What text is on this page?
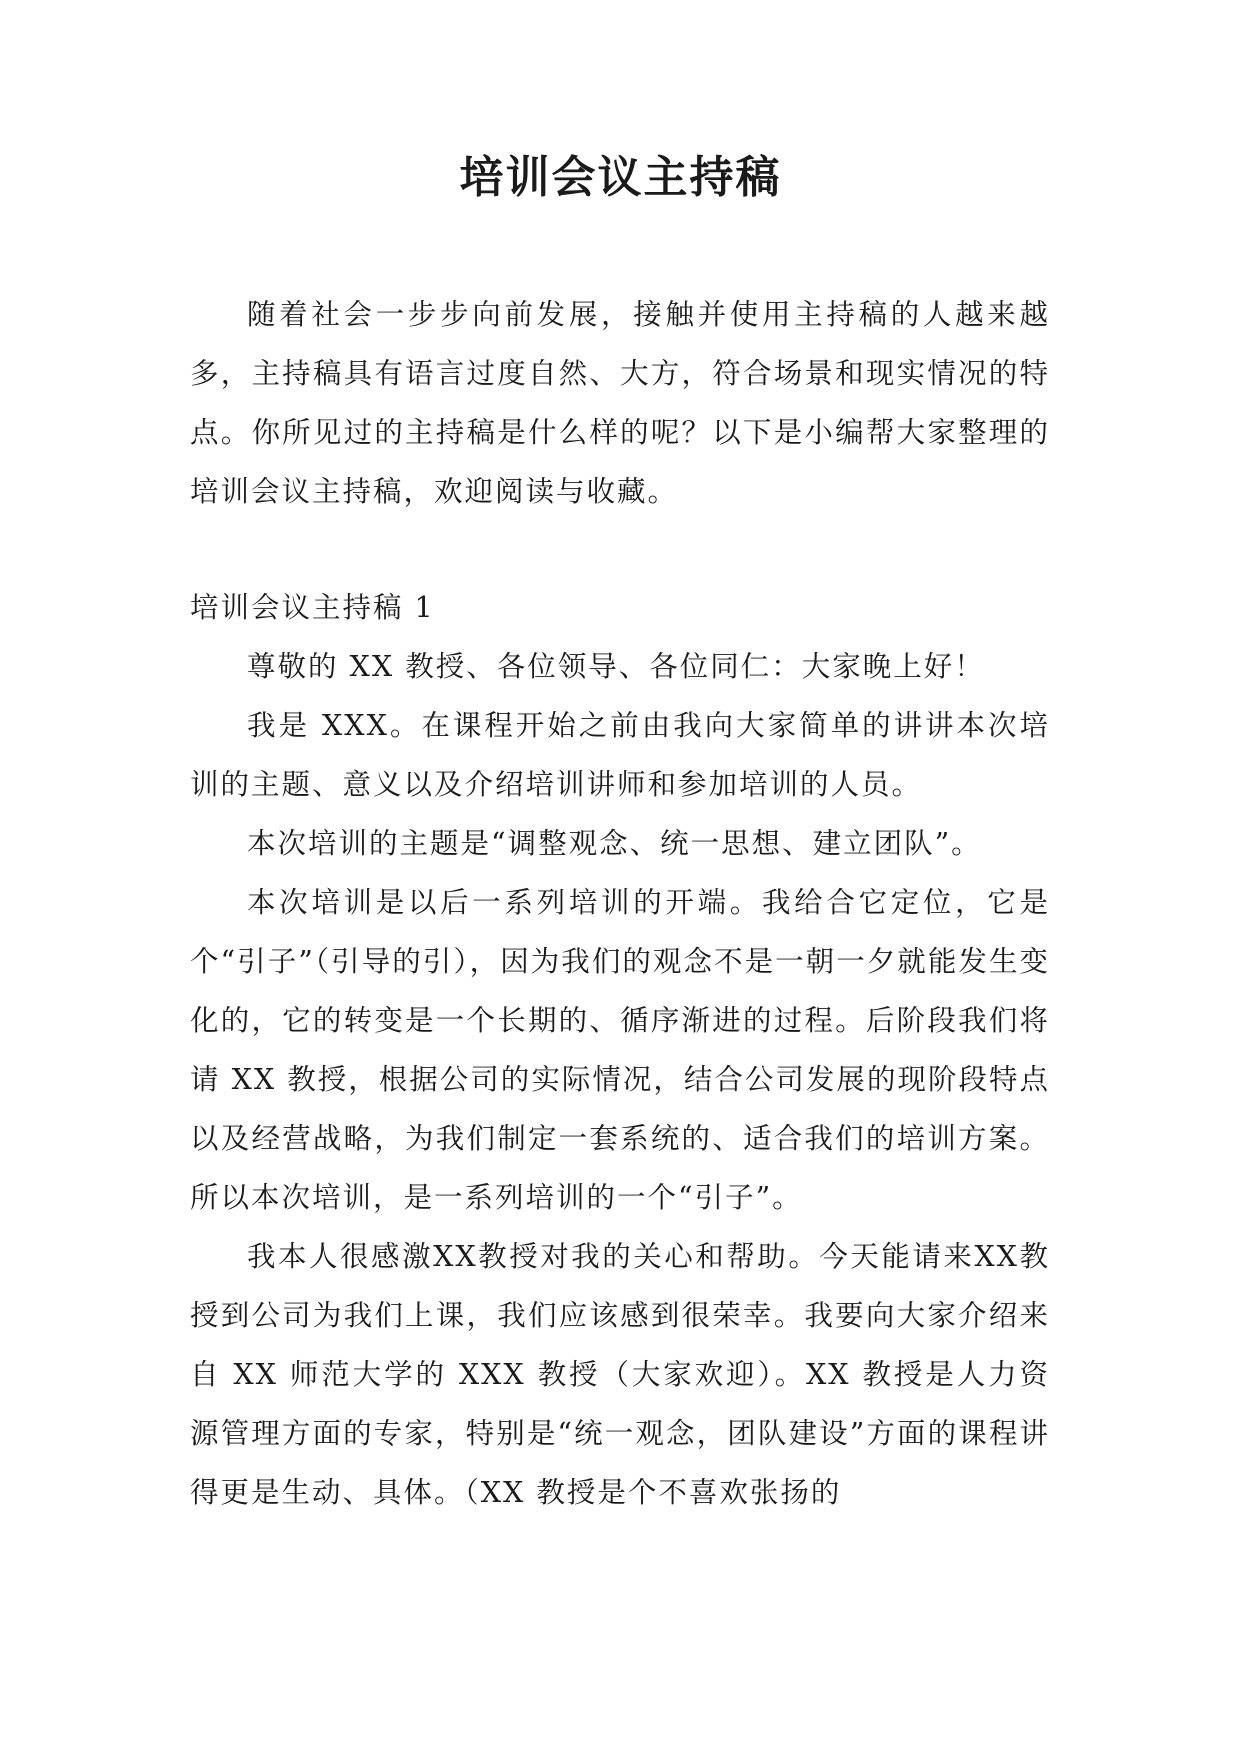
培训会议主持稿

随着社会一步步向前发展，接触并使用主持稿的人越来越多，主持稿具有语言过度自然、大方，符合场景和现实情况的特点。你所见过的主持稿是什么样的呢？以下是小编帮大家整理的培训会议主持稿，欢迎阅读与收藏。

培训会议主持稿 1

尊敬的 XX 教授、各位领导、各位同仁：大家晚上好！

我是 XXX。在课程开始之前由我向大家简单的讲讲本次培训的主题、意义以及介绍培训讲师和参加培训的人员。

本次培训的主题是“调整观念、统一思想、建立团队”。

本次培训是以后一系列培训的开端。我给合它定位，它是个“引子”（引导的引），因为我们的观念不是一朝一夕就能发生变化的，它的转变是一个长期的、循序渐进的过程。后阶段我们将请 XX 教授，根据公司的实际情况，结合公司发展的现阶段特点以及经营战略，为我们制定一套系统的、适合我们的培训方案。所以本次培训，是一系列培训的一个“引子”。

我本人很感激XX教授对我的关心和帮助。今天能请来XX教授到公司为我们上课，我们应该感到很荣幸。我要向大家介绍来自 XX 师范大学的 XXX 教授（大家欢迎）。XX 教授是人力资源管理方面的专家，特别是“统一观念，团队建设”方面的课程讲得更是生动、具体。（XX 教授是个不喜欢张扬的
